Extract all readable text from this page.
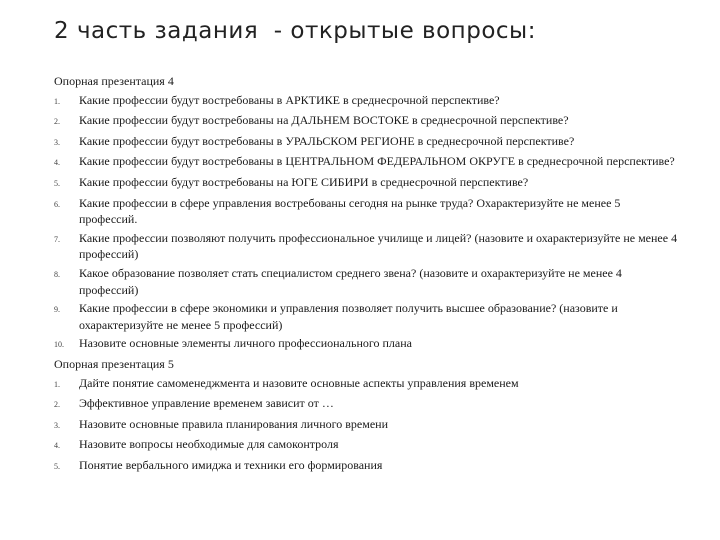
2 часть задания  - открытые вопросы:
Опорная презентация 4
1.	Какие профессии будут востребованы в АРКТИКЕ в среднесрочной перспективе?
2.	Какие профессии будут востребованы на ДАЛЬНЕМ ВОСТОКЕ в среднесрочной перспективе?
3.	Какие профессии будут востребованы в УРАЛЬСКОМ РЕГИОНЕ в среднесрочной перспективе?
4.	Какие профессии будут востребованы в ЦЕНТРАЛЬНОМ ФЕДЕРАЛЬНОМ ОКРУГЕ в среднесрочной перспективе?
5.	Какие профессии будут востребованы на ЮГЕ СИБИРИ в среднесрочной перспективе?
6.	Какие профессии в сфере управления востребованы сегодня на рынке труда? Охарактеризуйте не менее 5 профессий.
7.	Какие профессии позволяют получить профессиональное училище и лицей? (назовите и охарактеризуйте не менее 4 профессий)
8.	Какое образование позволяет стать специалистом среднего звена? (назовите и охарактеризуйте не менее 4 профессий)
9.	Какие профессии в сфере экономики и управления позволяет получить высшее образование? (назовите и охарактеризуйте не менее 5 профессий)
10.	Назовите основные элементы личного профессионального плана
Опорная презентация 5
1.	Дайте понятие самоменеджмента и назовите основные аспекты управления временем
2.	Эффективное управление временем зависит от …
3.	Назовите основные правила планирования личного времени
4.	Назовите вопросы необходимые для самоконтроля
5.	Понятие вербального имиджа и техники его формирования
